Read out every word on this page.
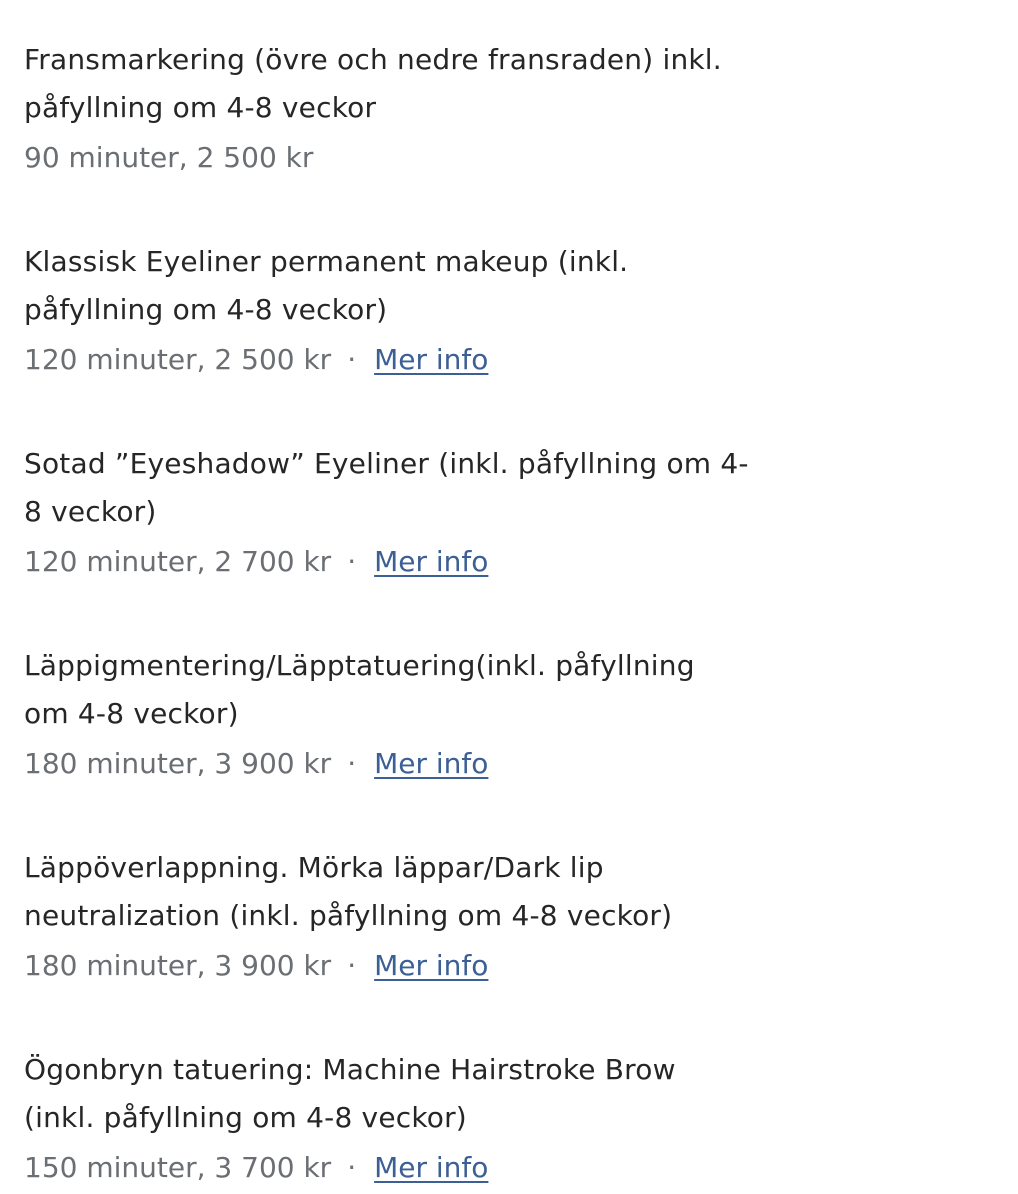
Fransmarkering (övre och nedre fransraden) inkl.
påfyllning om 4-8 veckor

90 minuter, 2 500 kr

Klassisk Eyeliner permanent makeup (inkl.
påfyllning om 4-8 veckor)

120 minuter, 2 500 kr · Mer info

Sotad ”Eyeshadow” Eyeliner (inkl. påfyllning om 4-
8 veckor)

120 minuter, 2 700 kr · Mer info

Läppigmentering/Läpptatuering(inkl. påfyllning
om 4-8 veckor)

180 minuter, 3 900 kr · Mer info

Läppöverlappning. Mörka läppar/Dark lip
neutralization (inkl. påfyllning om 4-8 veckor)

180 minuter, 3 900 kr · Mer info

Ögonbryn tatuering: Machine Hairstroke Brow
(inkl. påfyllning om 4-8 veckor)

150 minuter, 3 700 kr · Mer info
